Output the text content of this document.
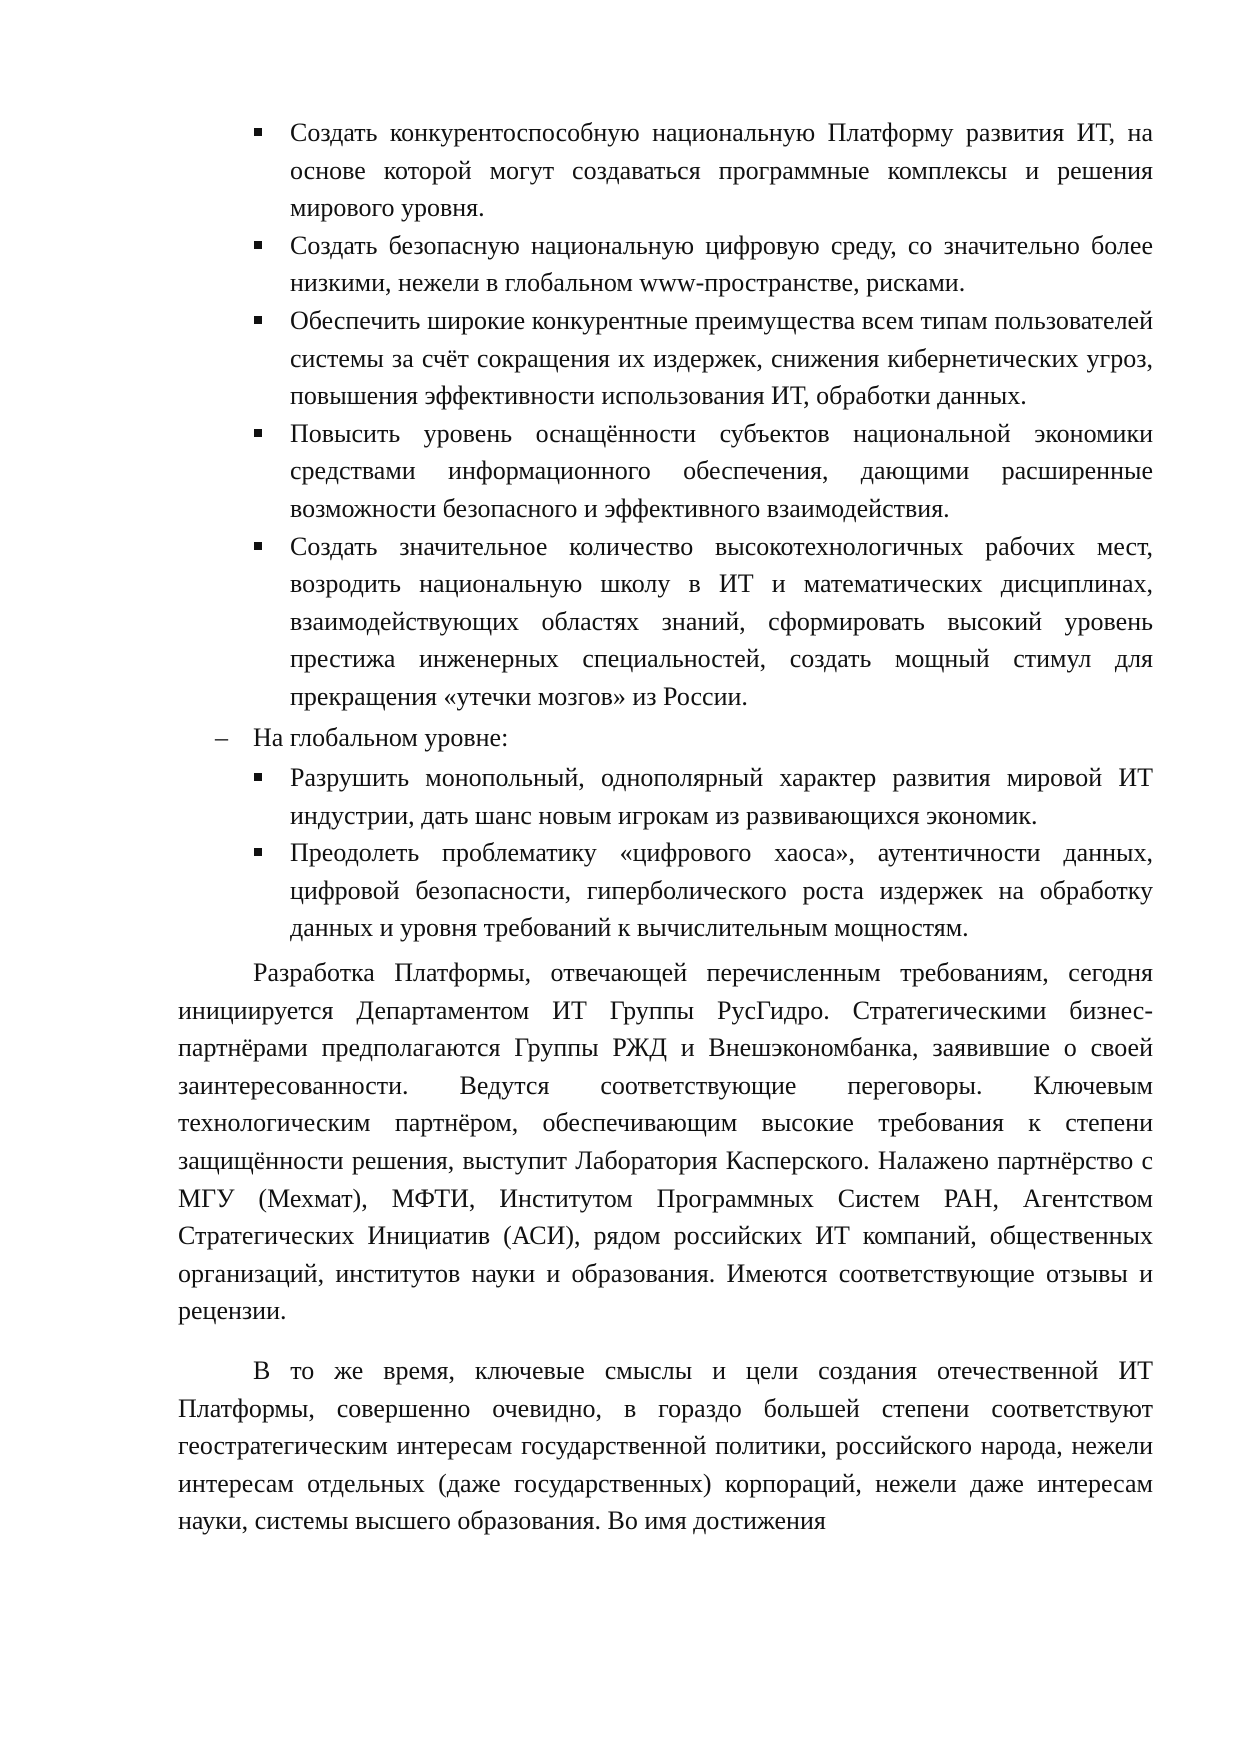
Создать конкурентоспособную национальную Платформу развития ИТ, на основе которой могут создаваться программные комплексы и решения мирового уровня.
Создать безопасную национальную цифровую среду, со значительно более низкими, нежели в глобальном www-пространстве, рисками.
Обеспечить широкие конкурентные преимущества всем типам пользователей системы за счёт сокращения их издержек, снижения кибернетических угроз, повышения эффективности использования ИТ, обработки данных.
Повысить уровень оснащённости субъектов национальной экономики средствами информационного обеспечения, дающими расширенные возможности безопасного и эффективного взаимодействия.
Создать значительное количество высокотехнологичных рабочих мест, возродить национальную школу в ИТ и математических дисциплинах, взаимодействующих областях знаний, сформировать высокий уровень престижа инженерных специальностей, создать мощный стимул для прекращения «утечки мозгов» из России.
– На глобальном уровне:
Разрушить монопольный, однополярный характер развития мировой ИТ индустрии, дать шанс новым игрокам из развивающихся экономик.
Преодолеть проблематику «цифрового хаоса», аутентичности данных, цифровой безопасности, гиперболического роста издержек на обработку данных и уровня требований к вычислительным мощностям.

Разработка Платформы, отвечающей перечисленным требованиям, сегодня инициируется Департаментом ИТ Группы РусГидро. Стратегическими бизнес-партнёрами предполагаются Группы РЖД и Внешэкономбанка, заявившие о своей заинтересованности. Ведутся соответствующие переговоры. Ключевым технологическим партнёром, обеспечивающим высокие требования к степени защищённости решения, выступит Лаборатория Касперского. Налажено партнёрство с МГУ (Мехмат), МФТИ, Институтом Программных Систем РАН, Агентством Стратегических Инициатив (АСИ), рядом российских ИТ компаний, общественных организаций, институтов науки и образования. Имеются соответствующие отзывы и рецензии.

В то же время, ключевые смыслы и цели создания отечественной ИТ Платформы, совершенно очевидно, в гораздо большей степени соответствуют геостратегическим интересам государственной политики, российского народа, нежели интересам отдельных (даже государственных) корпораций, нежели даже интересам науки, системы высшего образования. Во имя достижения
